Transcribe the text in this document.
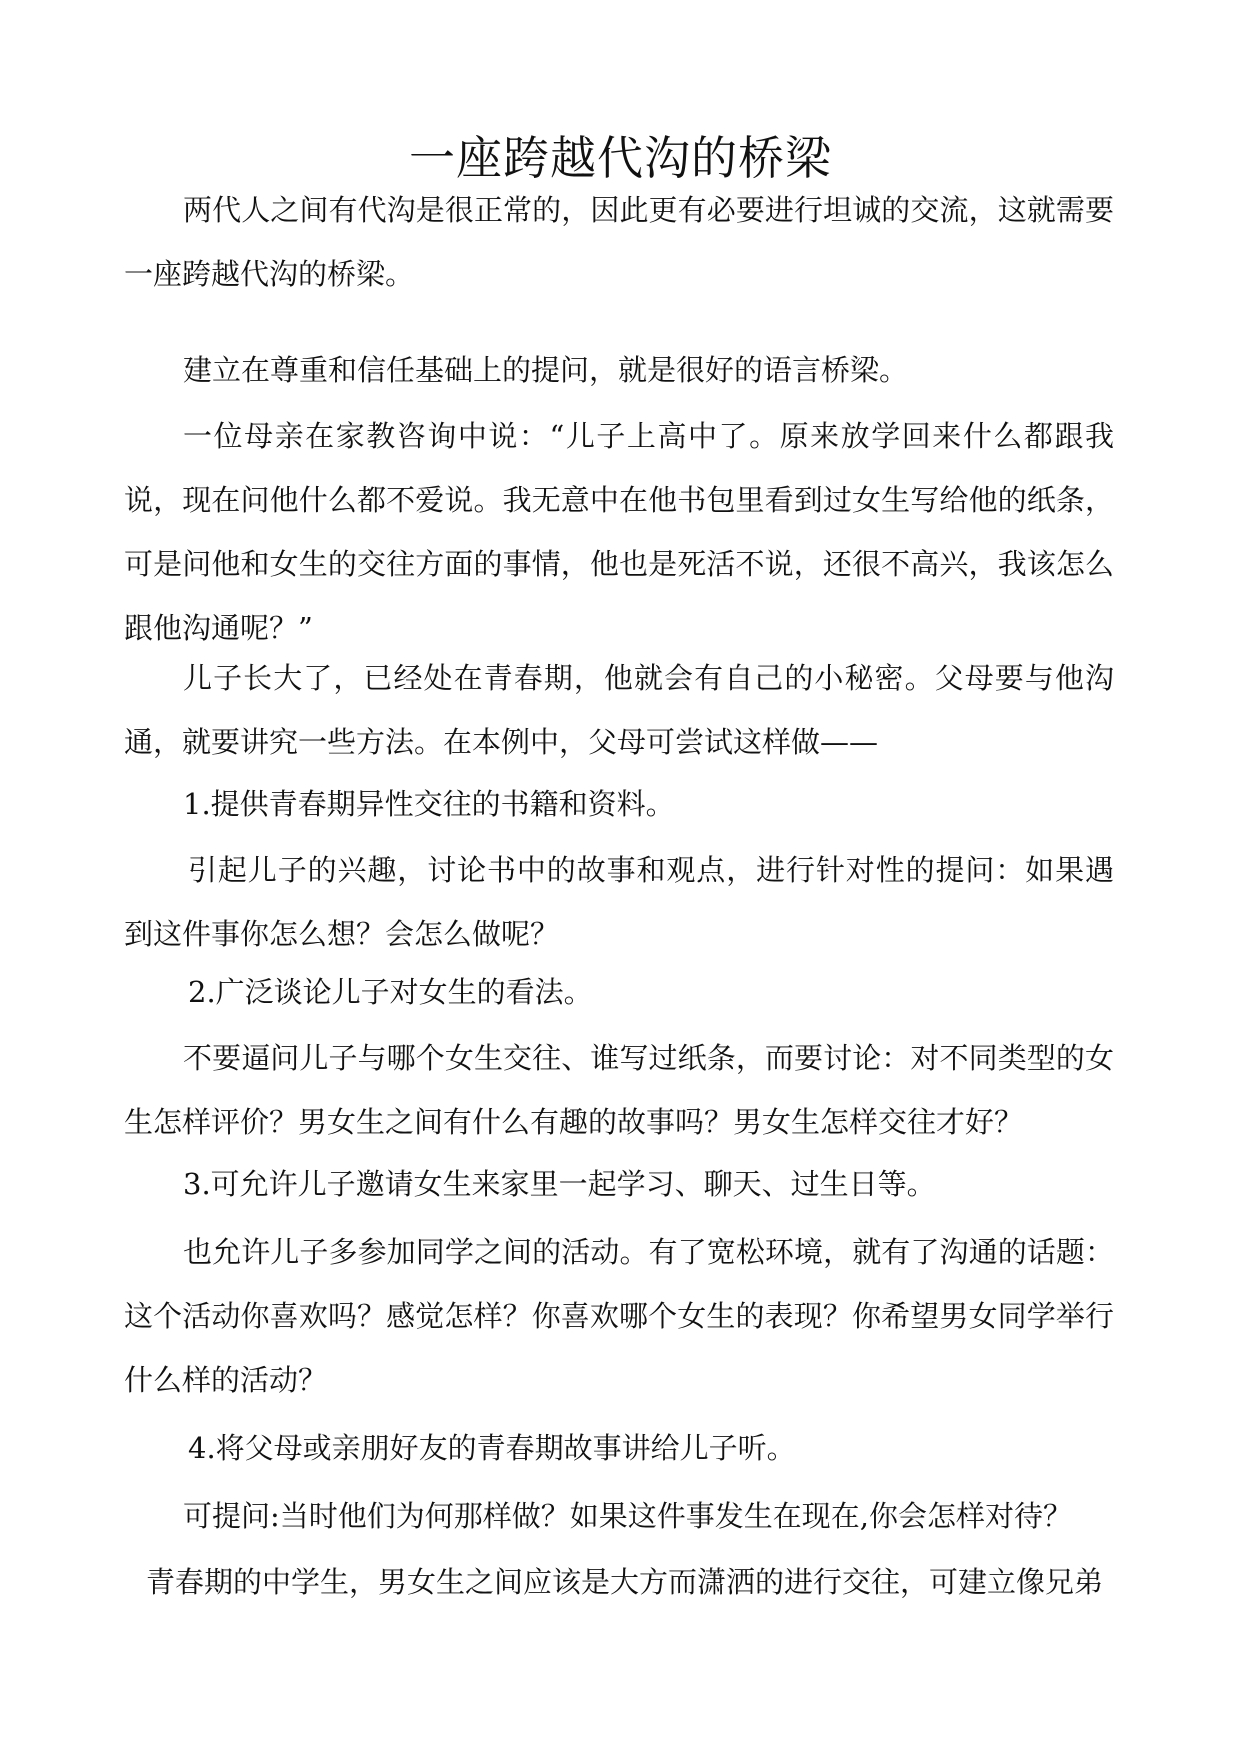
一座跨越代沟的桥梁

两代人之间有代沟是很正常的，因此更有必要进行坦诚的交流，这就需要一座跨越代沟的桥梁。

建立在尊重和信任基础上的提问，就是很好的语言桥梁。

一位母亲在家教咨询中说：“儿子上高中了。原来放学回来什么都跟我说，现在问他什么都不爱说。我无意中在他书包里看到过女生写给他的纸条，可是问他和女生的交往方面的事情，他也是死活不说，还很不高兴，我该怎么跟他沟通呢？”

儿子长大了，已经处在青春期，他就会有自己的小秘密。父母要与他沟通，就要讲究一些方法。在本例中，父母可尝试这样做——

1.提供青春期异性交往的书籍和资料。

引起儿子的兴趣，讨论书中的故事和观点，进行针对性的提问：如果遇到这件事你怎么想？会怎么做呢？

2.广泛谈论儿子对女生的看法。

不要逼问儿子与哪个女生交往、谁写过纸条，而要讨论：对不同类型的女生怎样评价？男女生之间有什么有趣的故事吗？男女生怎样交往才好？

3.可允许儿子邀请女生来家里一起学习、聊天、过生日等。

也允许儿子多参加同学之间的活动。有了宽松环境，就有了沟通的话题：这个活动你喜欢吗？感觉怎样？你喜欢哪个女生的表现？你希望男女同学举行什么样的活动？

4.将父母或亲朋好友的青春期故事讲给儿子听。

可提问:当时他们为何那样做？如果这件事发生在现在,你会怎样对待？

青春期的中学生，男女生之间应该是大方而潇洒的进行交往，可建立像兄弟
